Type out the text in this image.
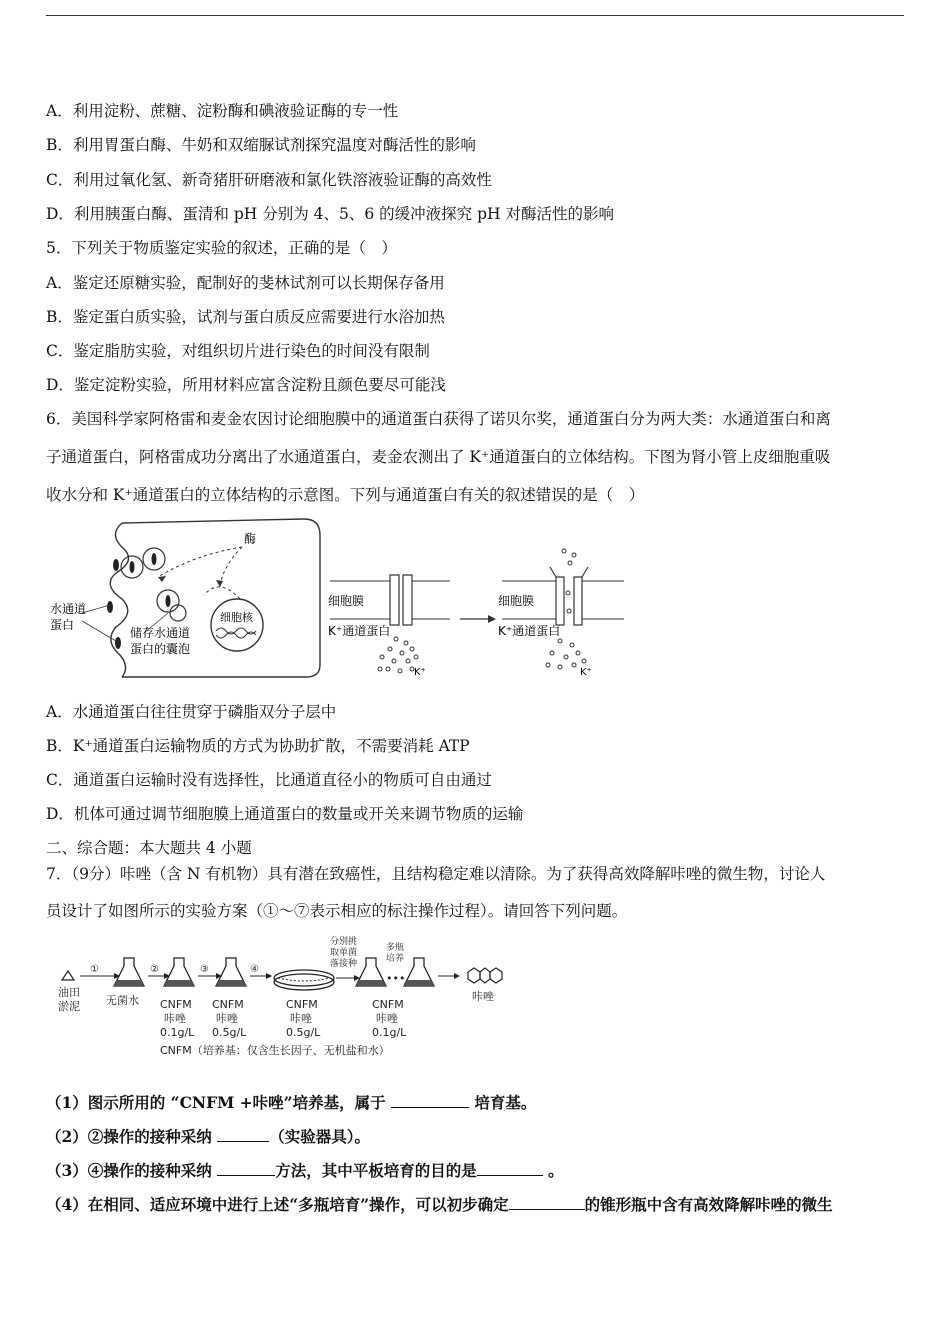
A．利用淀粉、蔗糖、淀粉酶和碘液验证酶的专一性
B．利用胃蛋白酶、牛奶和双缩脲试剂探究温度对酶活性的影响
C．利用过氧化氢、新奇猪肝研磨液和氯化铁溶液验证酶的高效性
D．利用胰蛋白酶、蛋清和 pH 分别为 4、5、6 的缓冲液探究 pH 对酶活性的影响
5．下列关于物质鉴定实验的叙述，正确的是（　）
A．鉴定还原糖实验，配制好的斐林试剂可以长期保存备用
B．鉴定蛋白质实验，试剂与蛋白质反应需要进行水浴加热
C．鉴定脂肪实验，对组织切片进行染色的时间没有限制
D．鉴定淀粉实验，所用材料应富含淀粉且颜色要尽可能浅
6．美国科学家阿格雷和麦金农因讨论细胞膜中的通道蛋白获得了诺贝尔奖，通道蛋白分为两大类：水通道蛋白和离
子通道蛋白，阿格雷成功分离出了水通道蛋白，麦金农测出了 K⁺通道蛋白的立体结构。下图为肾小管上皮细胞重吸
收水分和 K⁺通道蛋白的立体结构的示意图。下列与通道蛋白有关的叙述错误的是（　）
酶
水通道
蛋白
细胞核
储存水通道
蛋白的囊泡
细胞膜
K⁺通道蛋白
K⁺
细胞膜
K⁺通道蛋白
K⁺
A．水通道蛋白往往贯穿于磷脂双分子层中
B．K⁺通道蛋白运输物质的方式为协助扩散，不需要消耗 ATP
C．通道蛋白运输时没有选择性，比通道直径小的物质可自由通过
D．机体可通过调节细胞膜上通道蛋白的数量或开关来调节物质的运输
二、综合题：本大题共 4 小题
7．（9分）咔唑（含 N 有机物）具有潜在致癌性，且结构稳定难以清除。为了获得高效降解咔唑的微生物，讨论人
员设计了如图所示的实验方案（①～⑦表示相应的标注操作过程）。请回答下列问题。
油田
淤泥
①
无菌水
②
CNFM
咔唑
0.1g/L
③
CNFM
咔唑
0.5g/L
④
CNFM
咔唑
0.5g/L
分别挑
取单菌
落接种
•••
多瓶
培养
CNFM
咔唑
0.1g/L
咔唑
CNFM（培养基：仅含生长因子、无机盐和水）
（1）图示所用的 “CNFM +咔唑”培养基，属于	培育基。
（2）②操作的接种采纳	（实验器具）。
（3）④操作的接种采纳	方法，其中平板培育的目的是	。
（4）在相同、适应环境中进行上述“多瓶培育”操作，可以初步确定	的锥形瓶中含有高效降解咔唑的微生
